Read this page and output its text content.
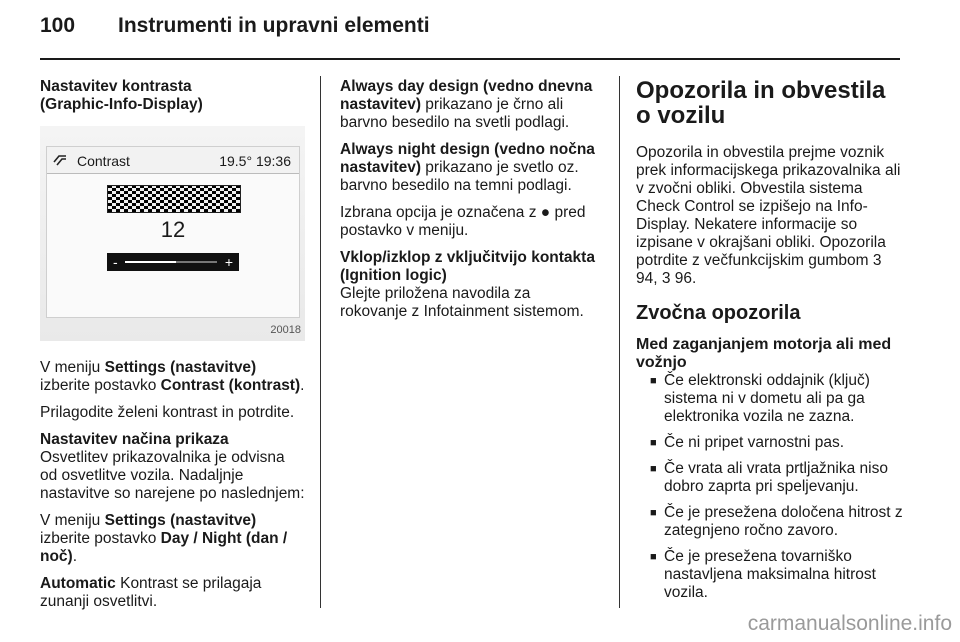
100 Instrumenti in upravni elementi
Nastavitev kontrasta
(Graphic-Info-Display)
Contrast	19.5° 19:36
12
-	+
20018

V meniju Settings (nastavitve) izberite postavko Contrast (kontrast).

Prilagodite želeni kontrast in potrdite.

Nastavitev načina prikaza

Osvetlitev prikazovalnika je odvisna od osvetlitve vozila. Nadaljnje nastavitve so narejene po naslednjem:

V meniju Settings (nastavitve) izberite postavko Day / Night (dan / noč).

Automatic Kontrast se prilagaja zunanji osvetlitvi.

Always day design (vedno dnevna nastavitev) prikazano je črno ali barvno besedilo na svetli podlagi.

Always night design (vedno nočna nastavitev) prikazano je svetlo oz. barvno besedilo na temni podlagi.

Izbrana opcija je označena z ● pred postavko v meniju.

Vklop/izklop z vključitvijo kontakta (Ignition logic)

Glejte priložena navodila za rokovanje z Infotainment sistemom.

Opozorila in obvestila o vozilu

Opozorila in obvestila prejme voznik prek informacijskega prikazovalnika ali v zvočni obliki. Obvestila sistema Check Control se izpišejo na Info-Display. Nekatere informacije so izpisane v okrajšani obliki. Opozorila potrdite z večfunkcijskim gumbom 3 94, 3 96.

Zvočna opozorila
Med zaganjanjem motorja ali med vožnjo
■ Če elektronski oddajnik (ključ) sistema ni v dometu ali pa ga elektronika vozila ne zazna.
■ Če ni pripet varnostni pas.
■ Če vrata ali vrata prtljažnika niso dobro zaprta pri speljevanju.
■ Če je presežena določena hitrost z zategnjeno ročno zavoro.
■ Če je presežena tovarniško nastavljena maksimalna hitrost vozila.
carmanualsonline.info
